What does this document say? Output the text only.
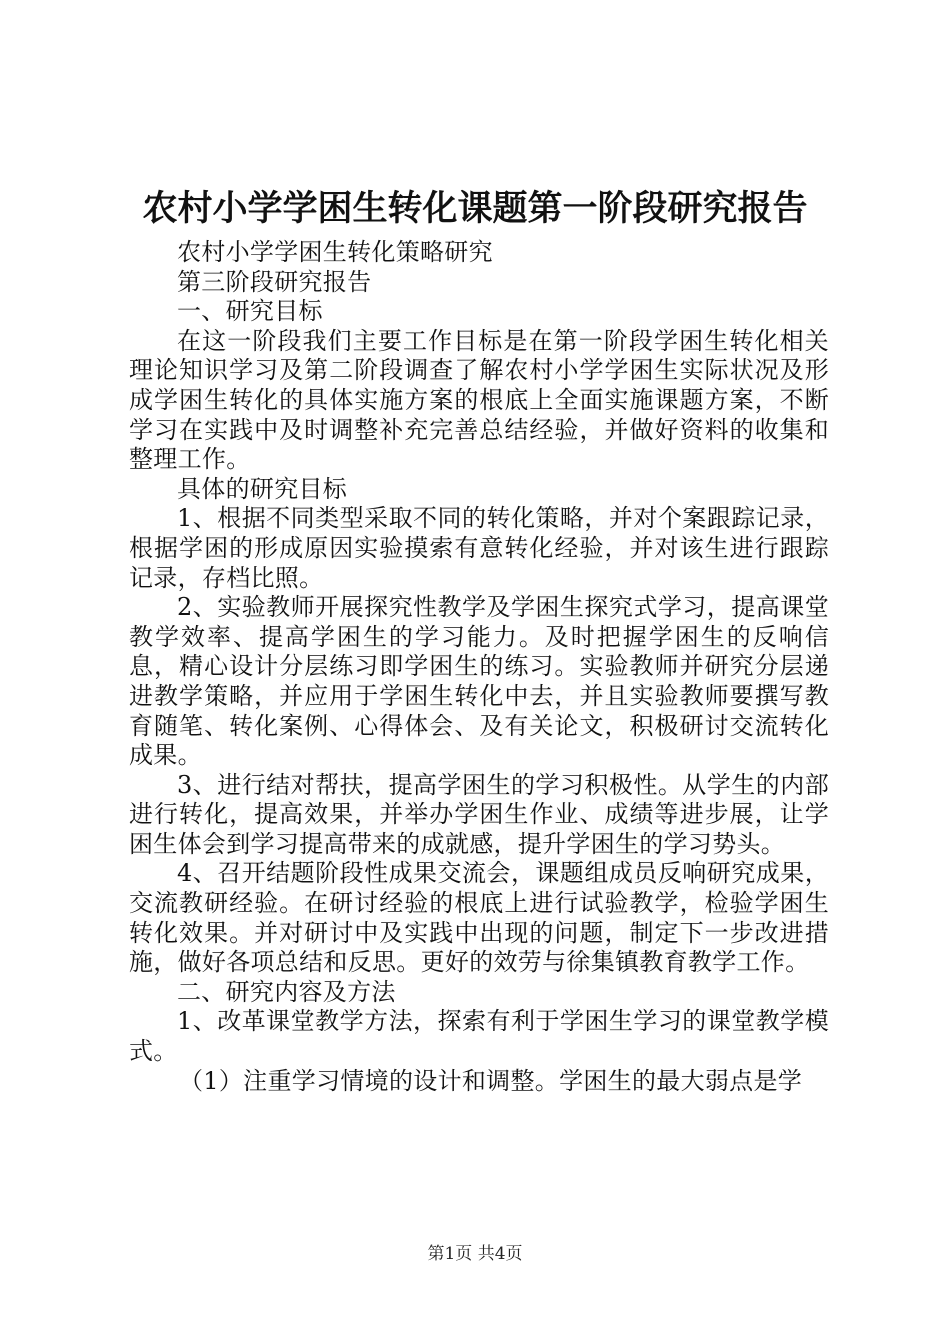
农村小学学困生转化课题第一阶段研究报告

农村小学学困生转化策略研究

第三阶段研究报告

一、研究目标

在这一阶段我们主要工作目标是在第一阶段学困生转化相关理论知识学习及第二阶段调查了解农村小学学困生实际状况及形成学困生转化的具体实施方案的根底上全面实施课题方案，不断学习在实践中及时调整补充完善总结经验，并做好资料的收集和整理工作。

具体的研究目标

1、根据不同类型采取不同的转化策略，并对个案跟踪记录，根据学困的形成原因实验摸索有意转化经验，并对该生进行跟踪记录，存档比照。

2、实验教师开展探究性教学及学困生探究式学习，提高课堂教学效率、提高学困生的学习能力。及时把握学困生的反响信息，精心设计分层练习即学困生的练习。实验教师并研究分层递进教学策略，并应用于学困生转化中去，并且实验教师要撰写教育随笔、转化案例、心得体会、及有关论文，积极研讨交流转化成果。

3、进行结对帮扶，提高学困生的学习积极性。从学生的内部进行转化，提高效果，并举办学困生作业、成绩等进步展，让学困生体会到学习提高带来的成就感，提升学困生的学习势头。

4、召开结题阶段性成果交流会，课题组成员反响研究成果，交流教研经验。在研讨经验的根底上进行试验教学，检验学困生转化效果。并对研讨中及实践中出现的问题，制定下一步改进措施，做好各项总结和反思。更好的效劳与徐集镇教育教学工作。

二、研究内容及方法

1、改革课堂教学方法，探索有利于学困生学习的课堂教学模式。

（1）注重学习情境的设计和调整。学困生的最大弱点是学

第1页 共4页
